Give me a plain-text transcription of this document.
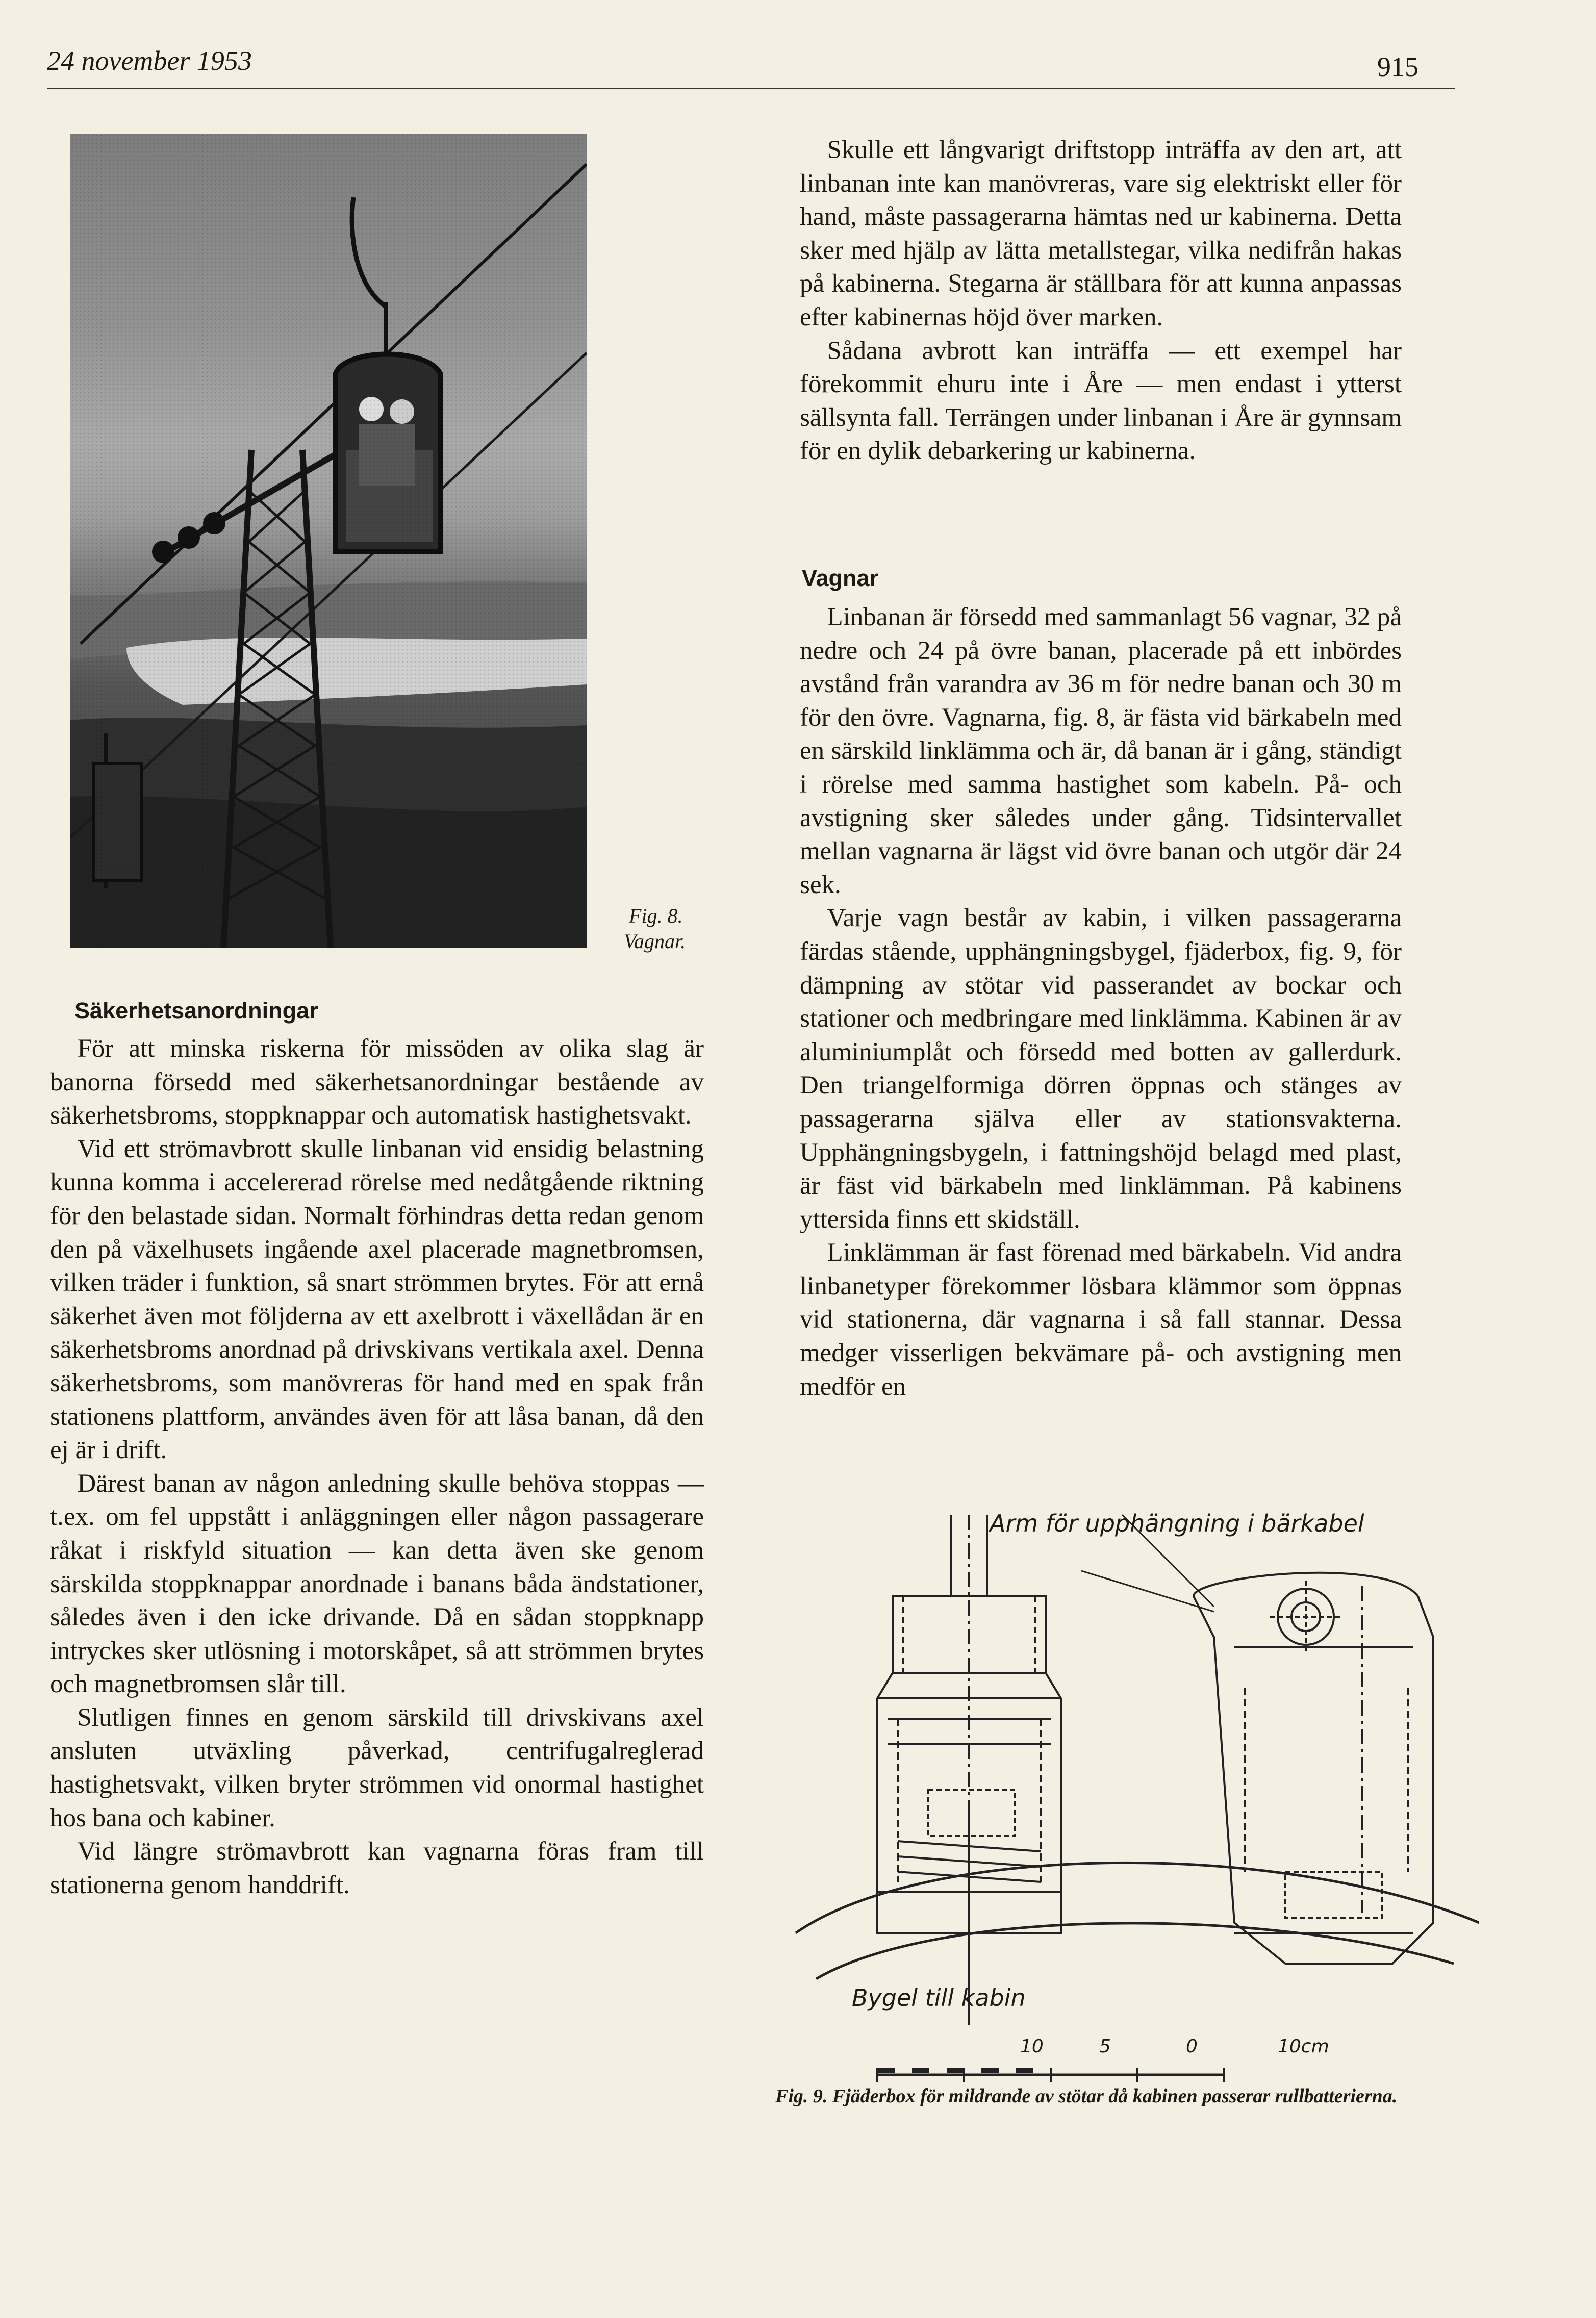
24 november 1953	915
Fig. 8.
Vagnar.

Skulle ett långvarigt driftstopp inträffa av den art, att linbanan inte kan manövreras, vare sig elektriskt eller för hand, måste passagerarna hämtas ned ur kabinerna. Detta sker med hjälp av lätta metallstegar, vilka nedifrån hakas på kabinerna. Stegarna är ställbara för att kunna anpassas efter kabinernas höjd över marken.

Sådana avbrott kan inträffa — ett exempel har förekommit ehuru inte i Åre — men endast i ytterst sällsynta fall. Terrängen under linbanan i Åre är gynnsam för en dylik debarkering ur kabinerna.

Vagnar

Linbanan är försedd med sammanlagt 56 vagnar, 32 på nedre och 24 på övre banan, placerade på ett inbördes avstånd från varandra av 36 m för nedre banan och 30 m för den övre. Vagnarna, fig. 8, är fästa vid bärkabeln med en särskild linklämma och är, då banan är i gång, ständigt i rörelse med samma hastighet som kabeln. På- och avstigning sker således under gång. Tidsintervallet mellan vagnarna är lägst vid övre banan och utgör där 24 sek.

Varje vagn består av kabin, i vilken passagerarna färdas stående, upphängningsbygel, fjäderbox, fig. 9, för dämpning av stötar vid passerandet av bockar och stationer och medbringare med linklämma. Kabinen är av aluminiumplåt och försedd med botten av gallerdurk. Den triangelformiga dörren öppnas och stänges av passagerarna själva eller av stationsvakterna. Upphängningsbygeln, i fattningshöjd belagd med plast, är fäst vid bärkabeln med linklämman. På kabinens yttersida finns ett skidställ.

Linklämman är fast förenad med bärkabeln. Vid andra linbanetyper förekommer lösbara klämmor som öppnas vid stationerna, där vagnarna i så fall stannar. Dessa medger visserligen bekvämare på- och avstigning men medför en

Säkerhetsanordningar

För att minska riskerna för missöden av olika slag är banorna försedd med säkerhetsanordningar bestående av säkerhetsbroms, stoppknappar och automatisk hastighetsvakt.

Vid ett strömavbrott skulle linbanan vid ensidig belastning kunna komma i accelererad rörelse med nedåtgående riktning för den belastade sidan. Normalt förhindras detta redan genom den på växelhusets ingående axel placerade magnetbromsen, vilken träder i funktion, så snart strömmen brytes. För att ernå säkerhet även mot följderna av ett axelbrott i växellådan är en säkerhetsbroms anordnad på drivskivans vertikala axel. Denna säkerhetsbroms, som manövreras för hand med en spak från stationens plattform, användes även för att låsa banan, då den ej är i drift.

Därest banan av någon anledning skulle behöva stoppas — t.ex. om fel uppstått i anläggningen eller någon passagerare råkat i riskfyld situation — kan detta även ske genom särskilda stoppknappar anordnade i banans båda ändstationer, således även i den icke drivande. Då en sådan stoppknapp intryckes sker utlösning i motorskåpet, så att strömmen brytes och magnetbromsen slår till.

Slutligen finnes en genom särskild till drivskivans axel ansluten utväxling påverkad, centrifugalreglerad hastighetsvakt, vilken bryter strömmen vid onormal hastighet hos bana och kabiner.

Vid längre strömavbrott kan vagnarna föras fram till stationerna genom handdrift.

Arm för upphängning i bärkabel
Bygel till kabin
10	5	0	10cm
Fig. 9. Fjäderbox för mildrande av stötar då kabinen passerar rullbatterierna.
